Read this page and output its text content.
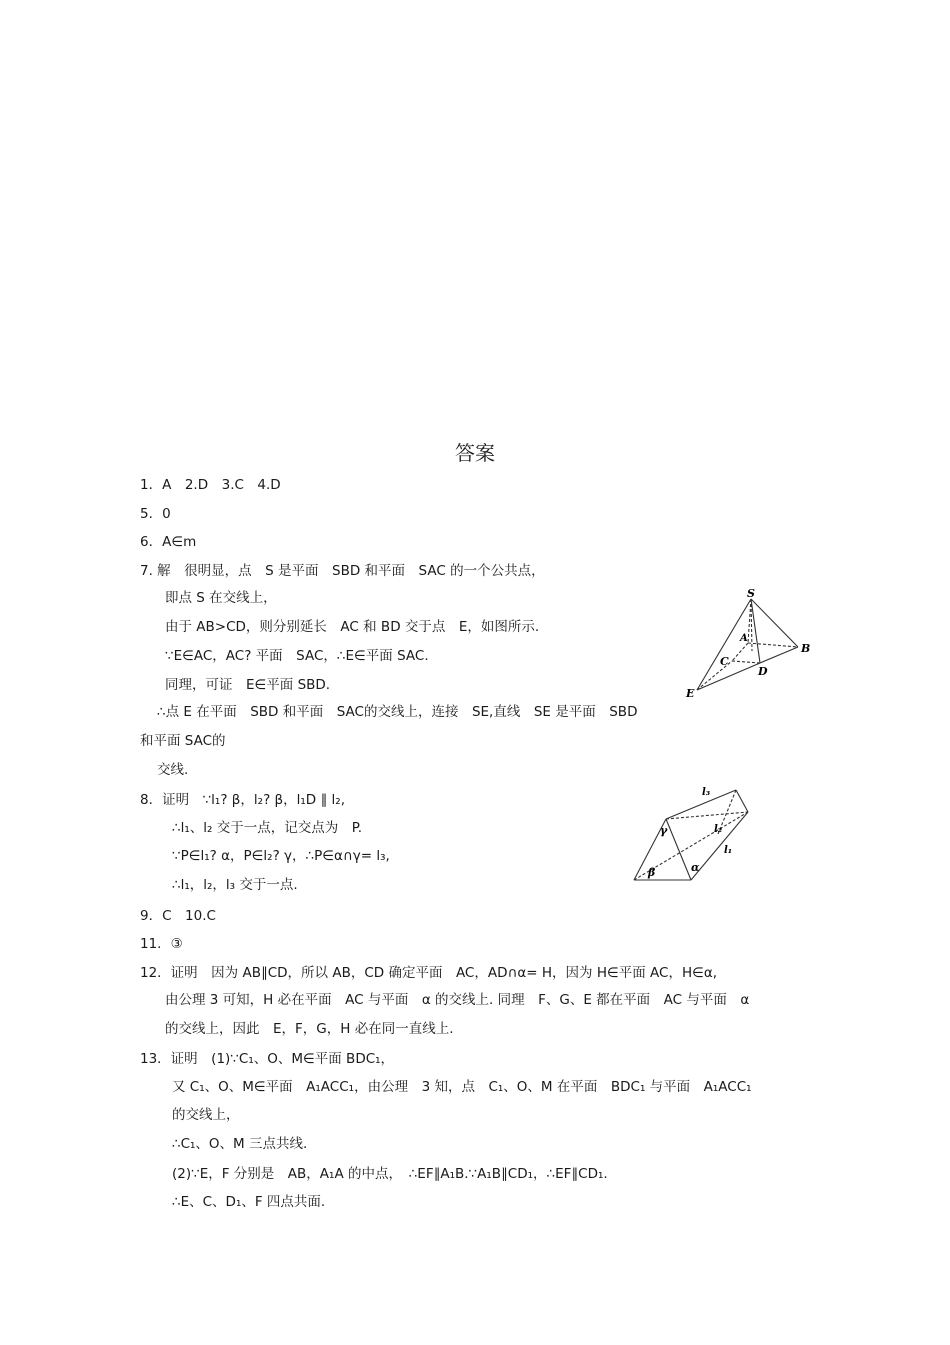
答案
1．A　2.D　3.C　4.D
5．0
6．A∈m
7. 解　很明显，点　S 是平面　SBD 和平面　SAC 的一个公共点，
即点 S 在交线上，
由于 AB>CD，则分别延长　AC 和 BD 交于点　E，如图所示.
∵E∈AC，AC? 平面　SAC，∴E∈平面 SAC.
同理，可证　E∈平面 SBD.
∴点 E 在平面　SBD 和平面　SAC的交线上，连接　SE,直线　SE 是平面　SBD
和平面 SAC的
交线.
8．证明　∵l₁? β，l₂? β，l₁D ∥ l₂,
∴l₁、l₂ 交于一点，记交点为　P.
∵P∈l₁? α，P∈l₂? γ，∴P∈α∩γ= l₃,
∴l₁，l₂，l₃ 交于一点.
9．C　10.C
11．③
12．证明　因为 AB∥CD，所以 AB，CD 确定平面　AC，AD∩α= H，因为 H∈平面 AC，H∈α,
由公理 3 可知，H 必在平面　AC 与平面　α 的交线上. 同理　F、G、E 都在平面　AC 与平面　α
的交线上，因此　E，F，G，H 必在同一直线上.
13．证明　(1)∵C₁、O、M∈平面 BDC₁，
又 C₁、O、M∈平面　A₁ACC₁，由公理　3 知，点　C₁、O、M 在平面　BDC₁ 与平面　A₁ACC₁
的交线上，
∴C₁、O、M 三点共线.
(2)∵E，F 分别是　AB，A₁A 的中点，　∴EF∥A₁B.∵A₁B∥CD₁，∴EF∥CD₁.
∴E、C、D₁、F 四点共面.
S
A
B
C
D
E
l₃
l₂
l₁
γ
α
β
